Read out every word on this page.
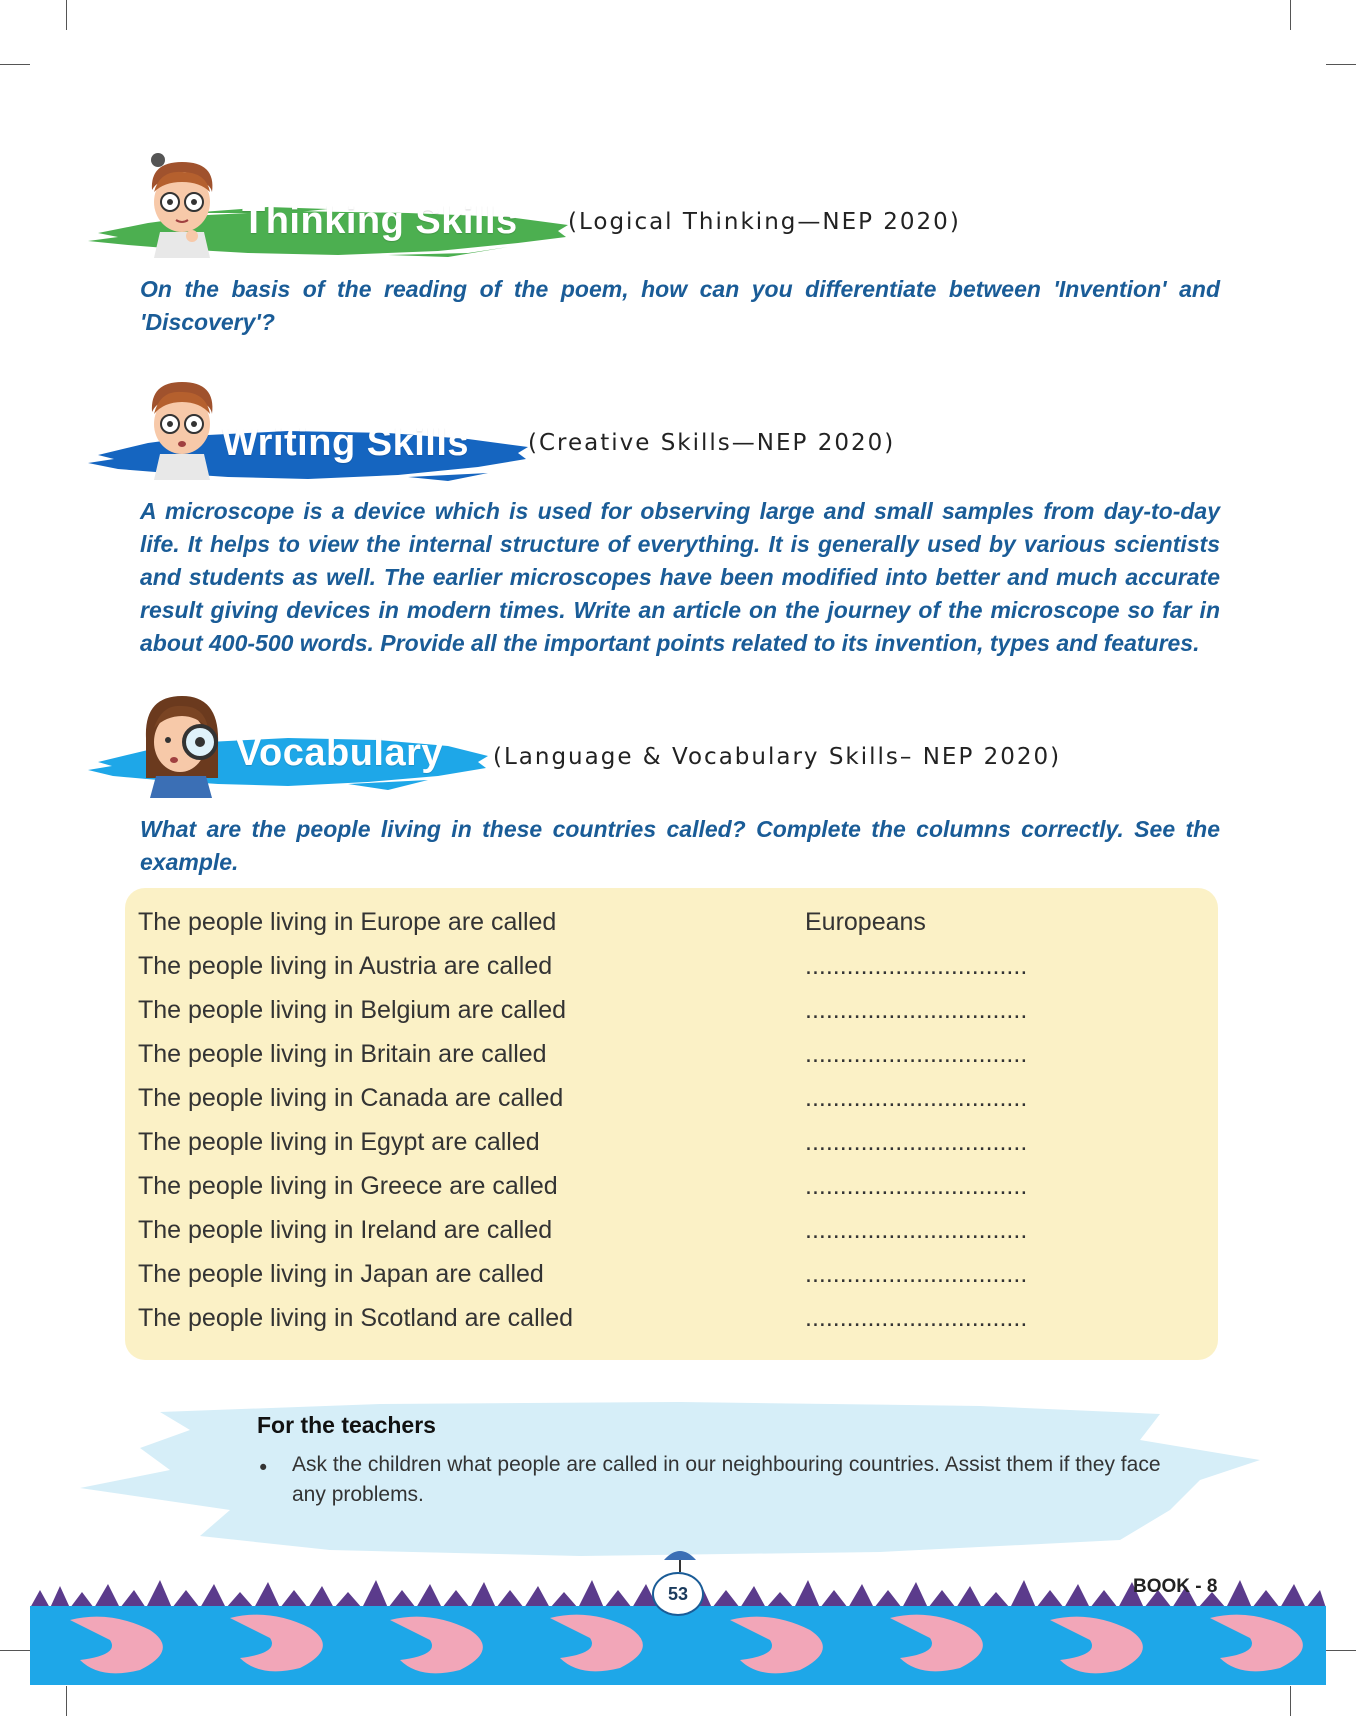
Thinking Skills (Logical Thinking—NEP 2020)
On the basis of the reading of the poem, how can you differentiate between 'Invention' and 'Discovery'?
Writing Skills	(Creative Skills—NEP 2020)
A microscope is a device which is used for observing large and small samples from day-to-day life. It helps to view the internal structure of everything. It is generally used by various scientists and students as well. The earlier microscopes have been modified into better and much accurate result giving devices in modern times. Write an article on the journey of the microscope so far in about 400-500 words. Provide all the important points related to its invention, types and features.
Vocabulary (Language & Vocabulary Skills– NEP 2020)
What are the people living in these countries called? Complete the columns correctly. See the example.
The people living in Europe are called	Europeans
The people living in Austria are called	................................
The people living in Belgium are called	................................
The people living in Britain are called	................................
The people living in Canada are called	................................
The people living in Egypt are called	................................
The people living in Greece are called	................................
The people living in Ireland are called	................................
The people living in Japan are called	................................
The people living in Scotland are called	................................
For the teachers
• Ask the children what people are called in our neighbouring countries. Assist them if they face any problems.
53	BOOK - 8
